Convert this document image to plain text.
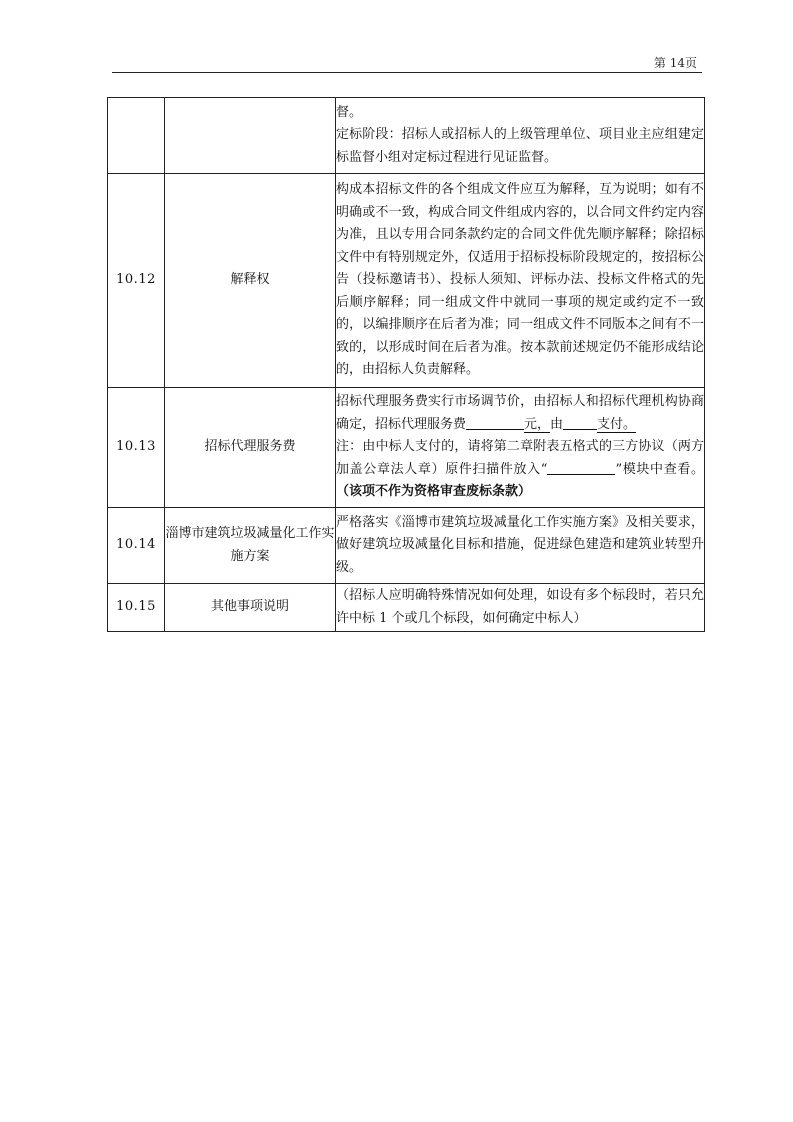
第 14页

		督。

定标阶段：招标人或招标人的上级管理单位、项目业主应组建定标监督小组对定标过程进行见证监督。

10.12	解释权	构成本招标文件的各个组成文件应互为解释，互为说明；如有不明确或不一致，构成合同文件组成内容的，以合同文件约定内容为准，且以专用合同条款约定的合同文件优先顺序解释；除招标文件中有特别规定外，仅适用于招标投标阶段规定的，按招标公告（投标邀请书）、投标人须知、评标办法、投标文件格式的先后顺序解释；同一组成文件中就同一事项的规定或约定不一致的，以编排顺序在后者为准；同一组成文件不同版本之间有不一致的，以形成时间在后者为准。按本款前述规定仍不能形成结论的，由招标人负责解释。

10.13	招标代理服务费	招标代理服务费实行市场调节价，由招标人和招标代理机构协商确定，招标代理服务费 元，由 支付。

注：由中标人支付的，请将第二章附表五格式的三方协议（两方加盖公章法人章）原件扫描件放入“ ”模块中查看。（该项不作为资格审查废标条款）

10.14	淄博市建筑垃圾减量化工作实施方案	严格落实《淄博市建筑垃圾减量化工作实施方案》及相关要求，做好建筑垃圾减量化目标和措施，促进绿色建造和建筑业转型升级。

10.15	其他事项说明	（招标人应明确特殊情况如何处理，如设有多个标段时，若只允许中标 1 个或几个标段，如何确定中标人）
